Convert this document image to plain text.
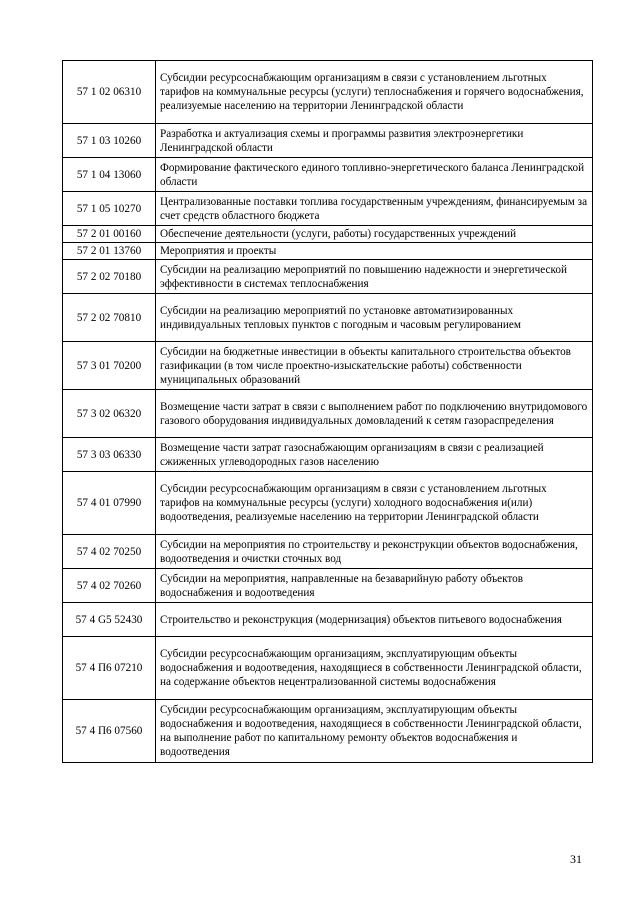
57 1 02 06310	Субсидии ресурсоснабжающим организациям в связи с установлением льготных тарифов на коммунальные ресурсы (услуги) теплоснабжения и горячего водоснабжения, реализуемые населению на территории Ленинградской области
57 1 03 10260	Разработка и актуализация схемы и программы развития электроэнергетики Ленинградской области
57 1 04 13060	Формирование фактического единого топливно-энергетического баланса Ленинградской области
57 1 05 10270	Централизованные поставки топлива государственным учреждениям, финансируемым за счет средств областного бюджета
57 2 01 00160	Обеспечение деятельности (услуги, работы) государственных учреждений
57 2 01 13760	Мероприятия и проекты
57 2 02 70180	Субсидии на реализацию мероприятий по повышению надежности и энергетической эффективности в системах теплоснабжения
57 2 02 70810	Субсидии на реализацию мероприятий по установке автоматизированных индивидуальных тепловых пунктов с погодным и часовым регулированием
57 3 01 70200	Субсидии на бюджетные инвестиции в объекты капитального строительства объектов газификации (в том числе проектно-изыскательские работы) собственности муниципальных образований
57 3 02 06320	Возмещение части затрат в связи с выполнением работ по подключению внутридомового газового оборудования индивидуальных домовладений к сетям газораспределения
57 3 03 06330	Возмещение части затрат газоснабжающим организациям в связи с реализацией сжиженных углеводородных газов населению
57 4 01 07990	Субсидии ресурсоснабжающим организациям в связи с установлением льготных тарифов на коммунальные ресурсы (услуги) холодного водоснабжения и(или) водоотведения, реализуемые населению на территории Ленинградской области
57 4 02 70250	Субсидии на мероприятия по строительству и реконструкции объектов водоснабжения, водоотведения и очистки сточных вод
57 4 02 70260	Субсидии на мероприятия, направленные на безаварийную работу объектов водоснабжения и водоотведения
57 4 G5 52430	Строительство и реконструкция (модернизация) объектов питьевого водоснабжения
57 4 П6 07210	Субсидии ресурсоснабжающим организациям, эксплуатирующим объекты водоснабжения и водоотведения, находящиеся в собственности Ленинградской области, на содержание объектов нецентрализованной системы водоснабжения
57 4 П6 07560	Субсидии ресурсоснабжающим организациям, эксплуатирующим объекты водоснабжения и водоотведения, находящиеся в собственности Ленинградской области, на выполнение работ по капитальному ремонту объектов водоснабжения и водоотведения
31
